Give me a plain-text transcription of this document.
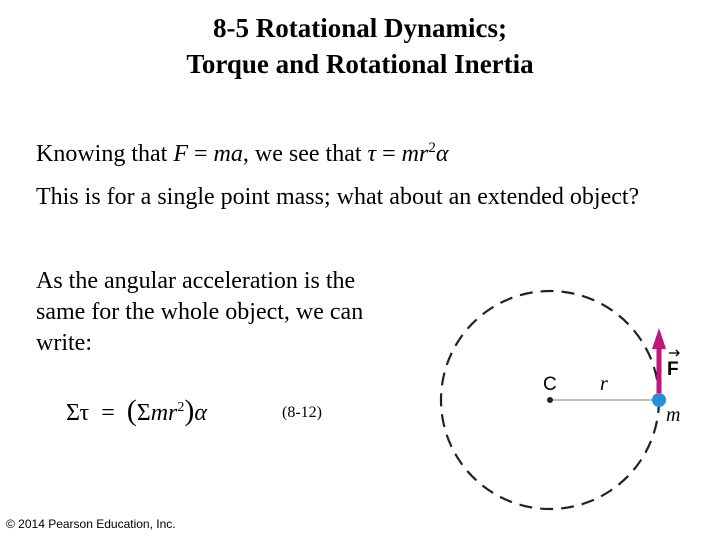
8-5 Rotational Dynamics;
Torque and Rotational Inertia
Knowing that F = ma, we see that $\tau = mr^2\alpha$
This is for a single point mass; what about an extended object?
As the angular acceleration is the same for the whole object, we can write:
Στ = (Σmr$^2$)α	(8-12)
C r
F
m
© 2014 Pearson Education, Inc.
